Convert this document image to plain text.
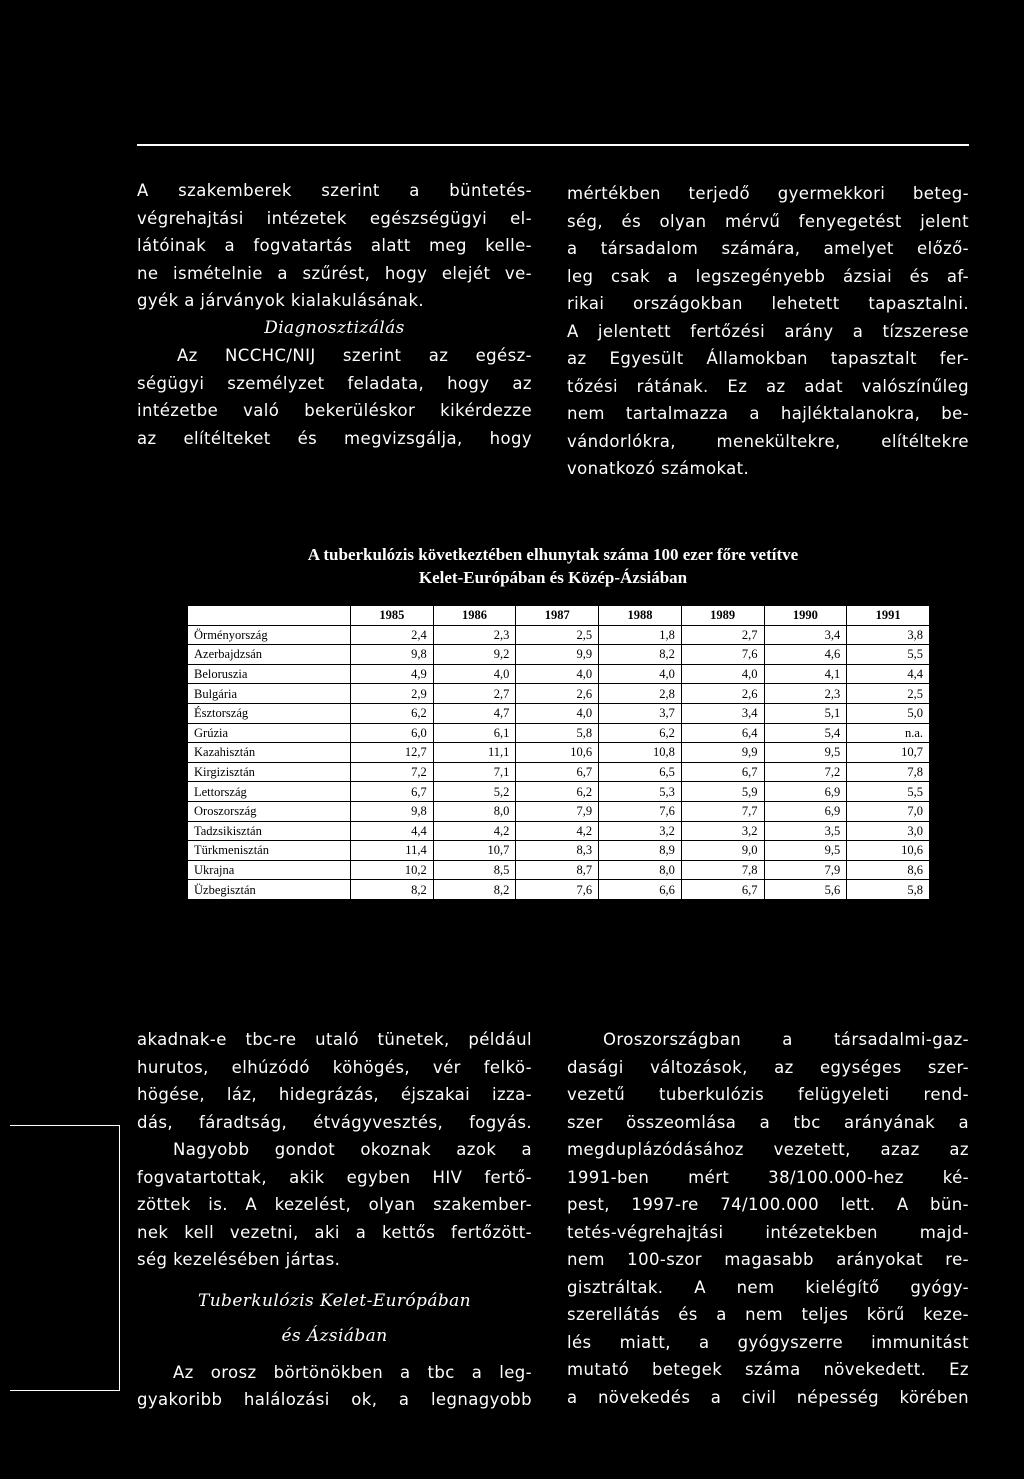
A szakemberek szerint a büntetés-
végrehajtási intézetek egészségügyi el-
látóinak a fogvatartás alatt meg kelle-
ne ismételnie a szűrést, hogy elejét ve-
gyék a járványok kialakulásának.
Diagnosztizálás
Az NCCHC/NIJ szerint az egész-
ségügyi személyzet feladata, hogy az
intézetbe való bekerüléskor kikérdezze
az elítélteket és megvizsgálja, hogy
mértékben terjedő gyermekkori beteg-
ség, és olyan mérvű fenyegetést jelent
a társadalom számára, amelyet előző-
leg csak a legszegényebb ázsiai és af-
rikai országokban lehetett tapasztalni.
A jelentett fertőzési arány a tízszerese
az Egyesült Államokban tapasztalt fer-
tőzési rátának. Ez az adat valószínűleg
nem tartalmazza a hajléktalanokra, be-
vándorlókra, menekültekre, elítéltekre
vonatkozó számokat.
A tuberkulózis következtében elhunytak száma 100 ezer főre vetítve
Kelet-Európában és Közép-Ázsiában
	1985	1986	1987	1988	1989	1990	1991
Örményország	2,4	2,3	2,5	1,8	2,7	3,4	3,8
Azerbajdzsán	9,8	9,2	9,9	8,2	7,6	4,6	5,5
Beloruszia	4,9	4,0	4,0	4,0	4,0	4,1	4,4
Bulgária	2,9	2,7	2,6	2,8	2,6	2,3	2,5
Észtország	6,2	4,7	4,0	3,7	3,4	5,1	5,0
Grúzia	6,0	6,1	5,8	6,2	6,4	5,4	n.a.
Kazahisztán	12,7	11,1	10,6	10,8	9,9	9,5	10,7
Kirgizisztán	7,2	7,1	6,7	6,5	6,7	7,2	7,8
Lettország	6,7	5,2	6,2	5,3	5,9	6,9	5,5
Oroszország	9,8	8,0	7,9	7,6	7,7	6,9	7,0
Tadzsikisztán	4,4	4,2	4,2	3,2	3,2	3,5	3,0
Türkmenisztán	11,4	10,7	8,3	8,9	9,0	9,5	10,6
Ukrajna	10,2	8,5	8,7	8,0	7,8	7,9	8,6
Üzbegisztán	8,2	8,2	7,6	6,6	6,7	5,6	5,8
akadnak-e tbc-re utaló tünetek, például
hurutos, elhúzódó köhögés, vér felkö-
högése, láz, hidegrázás, éjszakai izza-
dás, fáradtság, étvágyvesztés, fogyás.
Nagyobb gondot okoznak azok a
fogvatartottak, akik egyben HIV fertő-
zöttek is. A kezelést, olyan szakember-
nek kell vezetni, aki a kettős fertőzött-
ség kezelésében jártas.
Tuberkulózis Kelet-Európában
és Ázsiában
Az orosz börtönökben a tbc a leg-
gyakoribb halálozási ok, a legnagyobb
Oroszországban a társadalmi-gaz-
dasági változások, az egységes szer-
vezetű tuberkulózis felügyeleti rend-
szer összeomlása a tbc arányának a
megduplázódásához vezetett, azaz az
1991-ben mért 38/100.000-hez ké-
pest, 1997-re 74/100.000 lett. A bün-
tetés-végrehajtási intézetekben majd-
nem 100-szor magasabb arányokat re-
gisztráltak. A nem kielégítő gyógy-
szerellátás és a nem teljes körű keze-
lés miatt, a gyógyszerre immunitást
mutató betegek száma növekedett. Ez
a növekedés a civil népesség körében
